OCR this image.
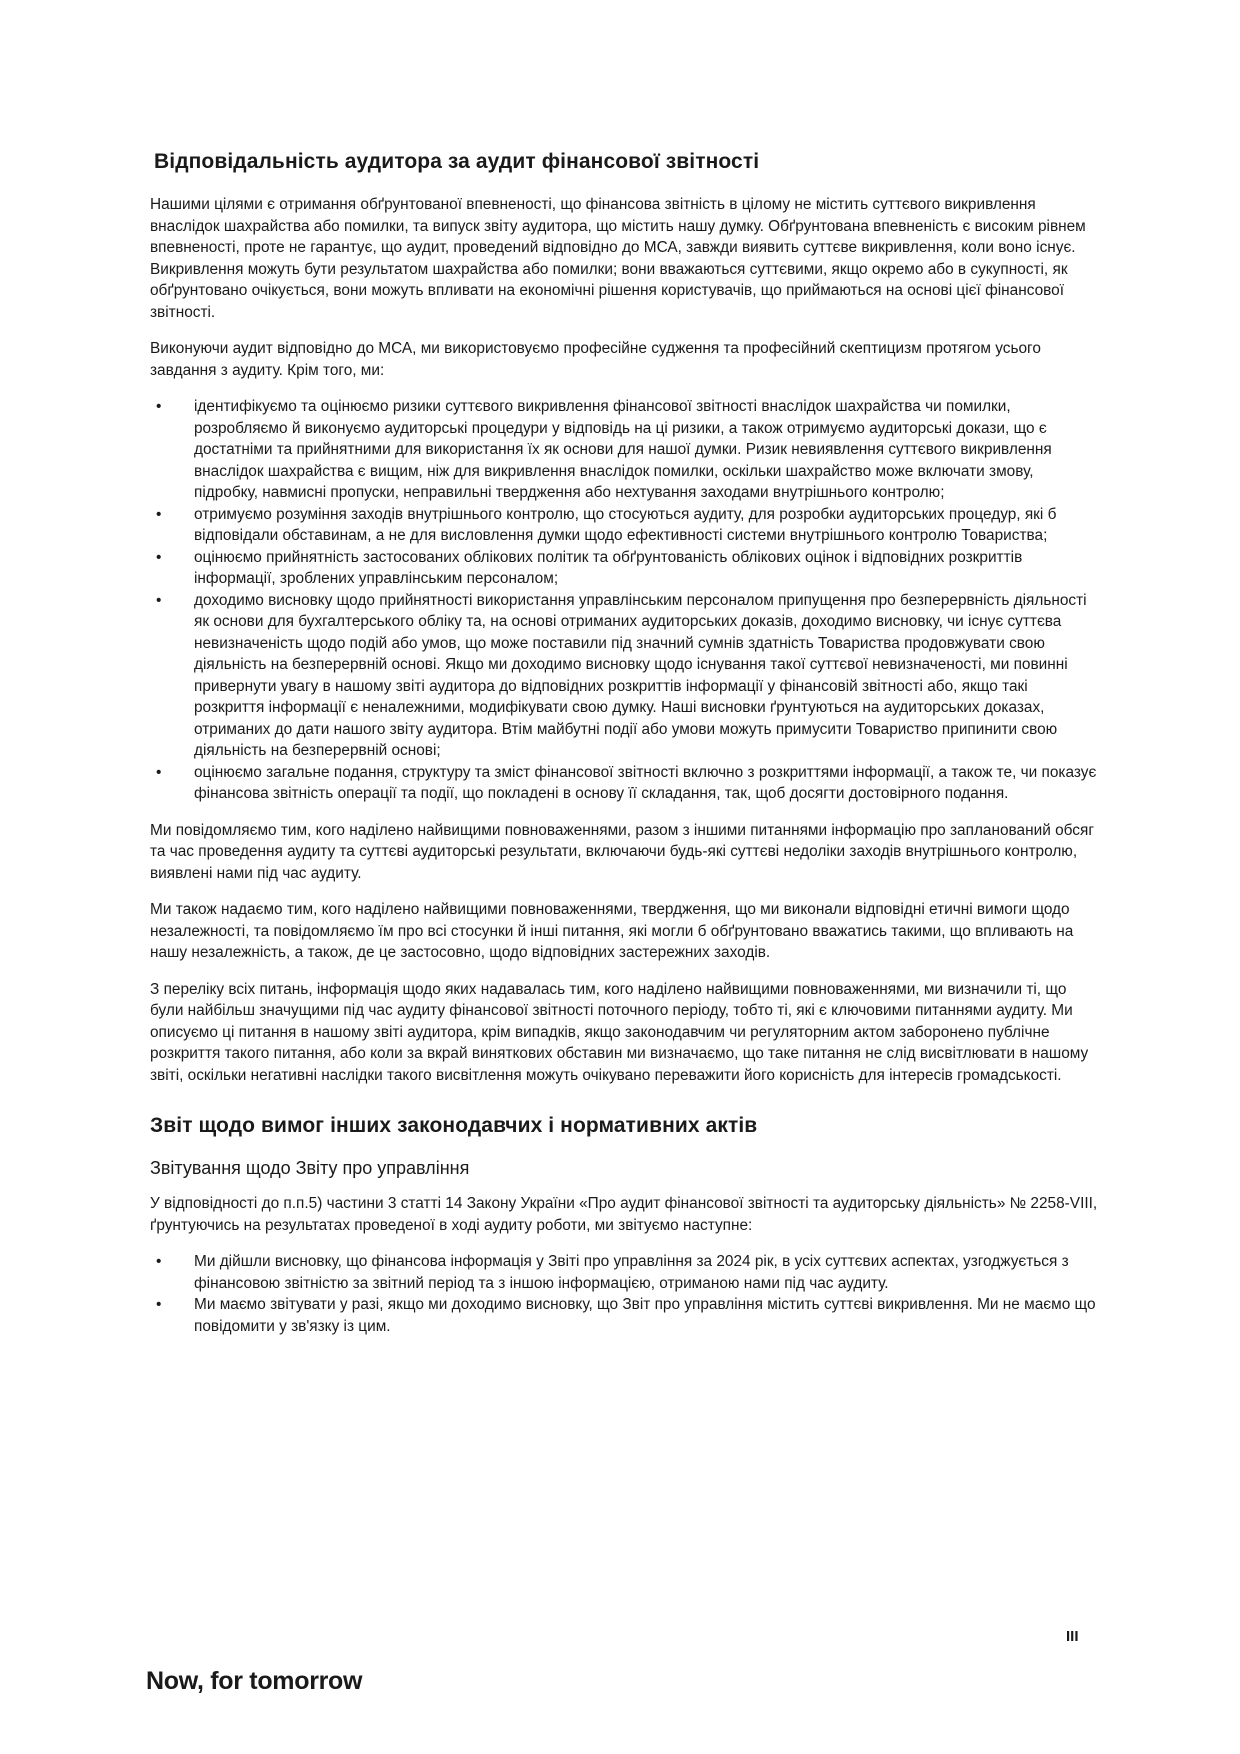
Відповідальність аудитора за аудит фінансової звітності

Нашими цілями є отримання обґрунтованої впевненості, що фінансова звітність в цілому не містить суттєвого викривлення внаслідок шахрайства або помилки, та випуск звіту аудитора, що містить нашу думку. Обґрунтована впевненість є високим рівнем впевненості, проте не гарантує, що аудит, проведений відповідно до МСА, завжди виявить суттєве викривлення, коли воно існує. Викривлення можуть бути результатом шахрайства або помилки; вони вважаються суттєвими, якщо окремо або в сукупності, як обґрунтовано очікується, вони можуть впливати на економічні рішення користувачів, що приймаються на основі цієї фінансової звітності.

Виконуючи аудит відповідно до МСА, ми використовуємо професійне судження та професійний скептицизм протягом усього завдання з аудиту. Крім того, ми:

• ідентифікуємо та оцінюємо ризики суттєвого викривлення фінансової звітності внаслідок шахрайства чи помилки, розробляємо й виконуємо аудиторські процедури у відповідь на ці ризики, а також отримуємо аудиторські докази, що є достатніми та прийнятними для використання їх як основи для нашої думки. Ризик невиявлення суттєвого викривлення внаслідок шахрайства є вищим, ніж для викривлення внаслідок помилки, оскільки шахрайство може включати змову, підробку, навмисні пропуски, неправильні твердження або нехтування заходами внутрішнього контролю;
• отримуємо розуміння заходів внутрішнього контролю, що стосуються аудиту, для розробки аудиторських процедур, які б відповідали обставинам, а не для висловлення думки щодо ефективності системи внутрішнього контролю Товариства;
• оцінюємо прийнятність застосованих облікових політик та обґрунтованість облікових оцінок і відповідних розкриттів інформації, зроблених управлінським персоналом;
• доходимо висновку щодо прийнятності використання управлінським персоналом припущення про безперервність діяльності як основи для бухгалтерського обліку та, на основі отриманих аудиторських доказів, доходимо висновку, чи існує суттєва невизначеність щодо подій або умов, що може поставили під значний сумнів здатність Товариства продовжувати свою діяльність на безперервній основі. Якщо ми доходимо висновку щодо існування такої суттєвої невизначеності, ми повинні привернути увагу в нашому звіті аудитора до відповідних розкриттів інформації у фінансовій звітності або, якщо такі розкриття інформації є неналежними, модифікувати свою думку. Наші висновки ґрунтуються на аудиторських доказах, отриманих до дати нашого звіту аудитора. Втім майбутні події або умови можуть примусити Товариство припинити свою діяльність на безперервній основі;
• оцінюємо загальне подання, структуру та зміст фінансової звітності включно з розкриттями інформації, а також те, чи показує фінансова звітність операції та події, що покладені в основу її складання, так, щоб досягти достовірного подання.

Ми повідомляємо тим, кого наділено найвищими повноваженнями, разом з іншими питаннями інформацію про запланований обсяг та час проведення аудиту та суттєві аудиторські результати, включаючи будь-які суттєві недоліки заходів внутрішнього контролю, виявлені нами під час аудиту.

Ми також надаємо тим, кого наділено найвищими повноваженнями, твердження, що ми виконали відповідні етичні вимоги щодо незалежності, та повідомляємо їм про всі стосунки й інші питання, які могли б обґрунтовано вважатись такими, що впливають на нашу незалежність, а також, де це застосовно, щодо відповідних застережних заходів.

З переліку всіх питань, інформація щодо яких надавалась тим, кого наділено найвищими повноваженнями, ми визначили ті, що були найбільш значущими під час аудиту фінансової звітності поточного періоду, тобто ті, які є ключовими питаннями аудиту. Ми описуємо ці питання в нашому звіті аудитора, крім випадків, якщо законодавчим чи регуляторним актом заборонено публічне розкриття такого питання, або коли за вкрай виняткових обставин ми визначаємо, що таке питання не слід висвітлювати в нашому звіті, оскільки негативні наслідки такого висвітлення можуть очікувано переважити його корисність для інтересів громадськості.

Звіт щодо вимог інших законодавчих і нормативних актів
Звітування щодо Звіту про управління

У відповідності до п.п.5) частини 3 статті 14 Закону України «Про аудит фінансової звітності та аудиторську діяльність» № 2258-VIII, ґрунтуючись на результатах проведеної в ході аудиту роботи, ми звітуємо наступне:

• Ми дійшли висновку, що фінансова інформація у Звіті про управління за 2024 рік, в усіх суттєвих аспектах, узгоджується з фінансовою звітністю за звітний період та з іншою інформацією, отриманою нами під час аудиту.
• Ми маємо звітувати у разі, якщо ми доходимо висновку, що Звіт про управління містить суттєві викривлення. Ми не маємо що повідомити у зв'язку із цим.
III
Now, for tomorrow
